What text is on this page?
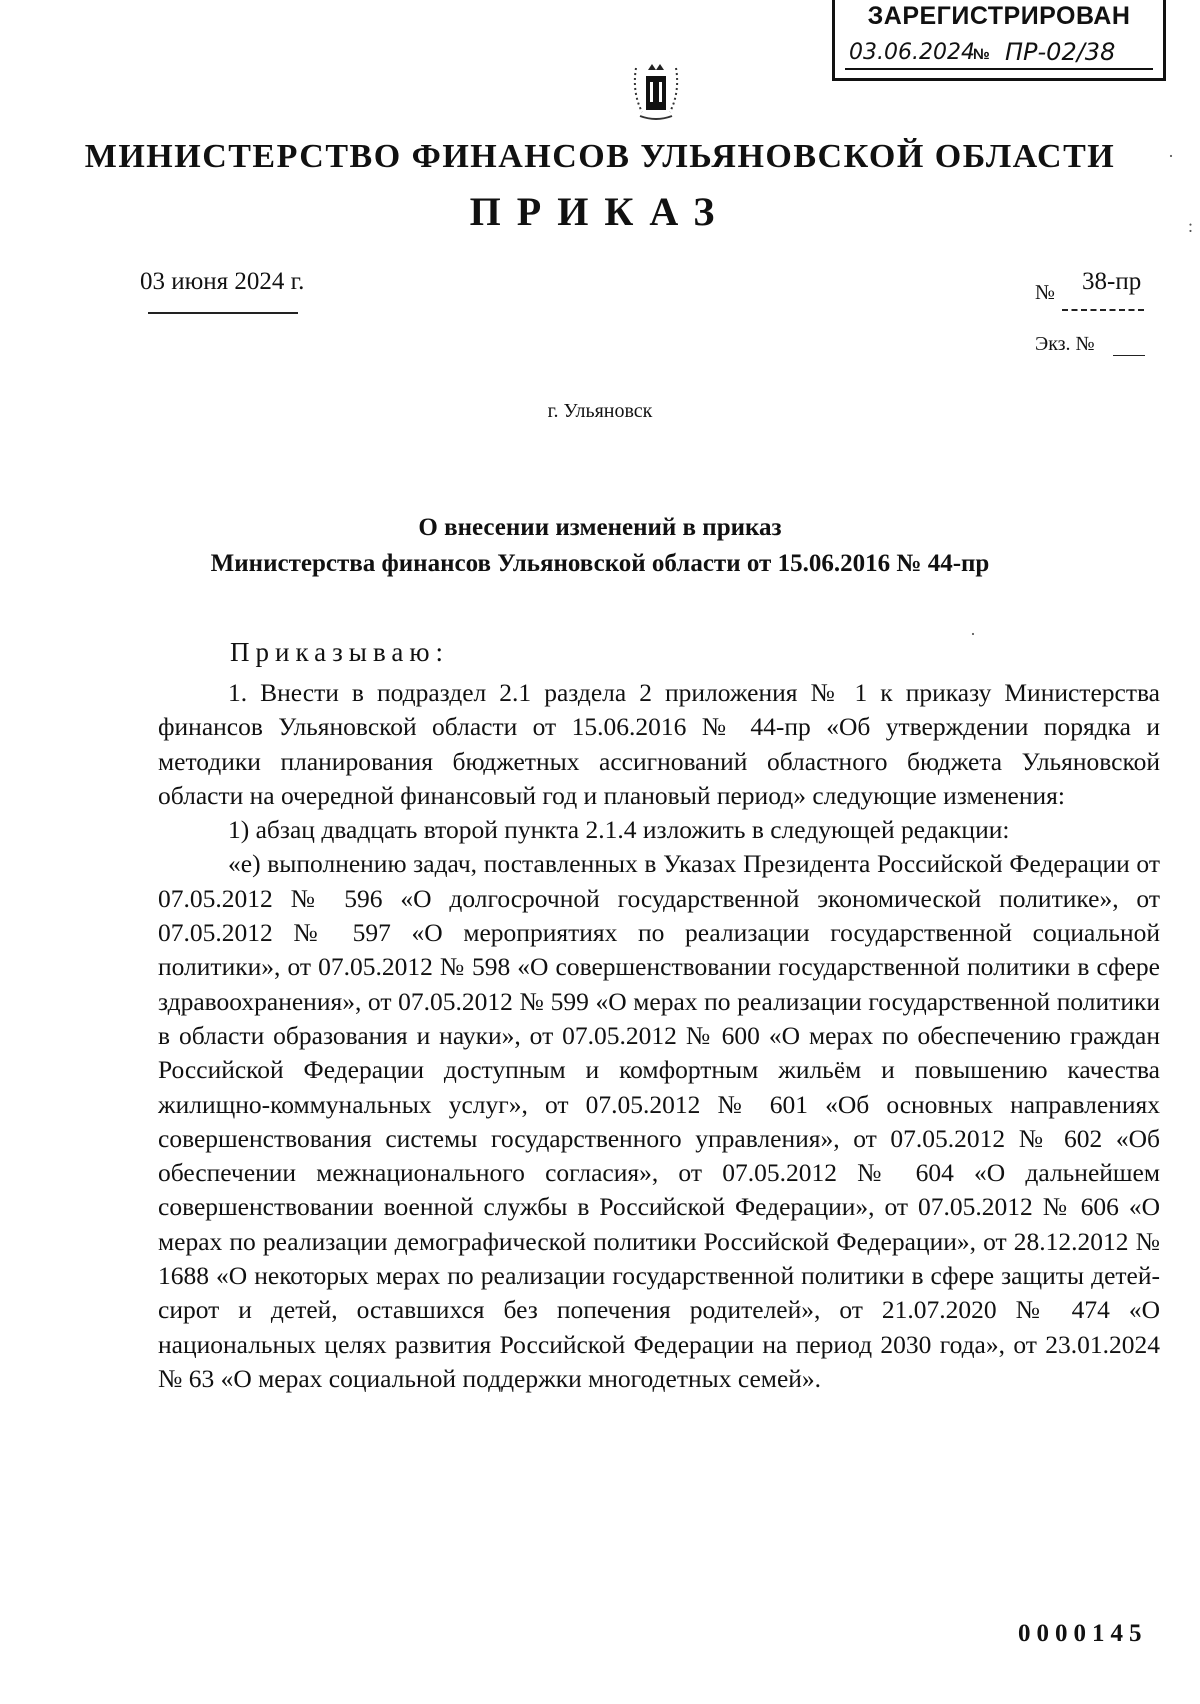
ЗАРЕГИСТРИРОВАН
03.06.2024
№ ПР-02/38
МИНИСТЕРСТВО ФИНАНСОВ УЛЬЯНОВСКОЙ ОБЛАСТИ
ПРИКАЗ
03 июня 2024 г.	№ 38-пр
Экз. №
г. Ульяновск
О внесении изменений в приказ
Министерства финансов Ульяновской области от 15.06.2016 № 44-пр
Приказываю:

1. Внести в подраздел 2.1 раздела 2 приложения № 1 к приказу Министерства финансов Ульяновской области от 15.06.2016 № 44-пр «Об утверждении порядка и методики планирования бюджетных ассигнований областного бюджета Ульяновской области на очередной финансовый год и плановый период» следующие изменения:

1) абзац двадцать второй пункта 2.1.4 изложить в следующей редакции:

«е) выполнению задач, поставленных в Указах Президента Российской Федерации от 07.05.2012 № 596 «О долгосрочной государственной экономической политике», от 07.05.2012 № 597 «О мероприятиях по реализации государственной социальной политики», от 07.05.2012 № 598 «О совершенствовании государственной политики в сфере здравоохранения», от 07.05.2012 № 599 «О мерах по реализации государственной политики в области образования и науки», от 07.05.2012 № 600 «О мерах по обеспечению граждан Российской Федерации доступным и комфортным жильём и повышению качества жилищно-коммунальных услуг», от 07.05.2012 № 601 «Об основных направлениях совершенствования системы государственного управления», от 07.05.2012 № 602 «Об обеспечении межнационального согласия», от 07.05.2012 № 604 «О дальнейшем совершенствовании военной службы в Российской Федерации», от 07.05.2012 № 606 «О мерах по реализации демографической политики Российской Федерации», от 28.12.2012 № 1688 «О некоторых мерах по реализации государственной политики в сфере защиты детей-сирот и детей, оставшихся без попечения родителей», от 21.07.2020 № 474 «О национальных целях развития Российской Федерации на период 2030 года», от 23.01.2024 № 63 «О мерах социальной поддержки многодетных семей».

·
:
·
0000145
